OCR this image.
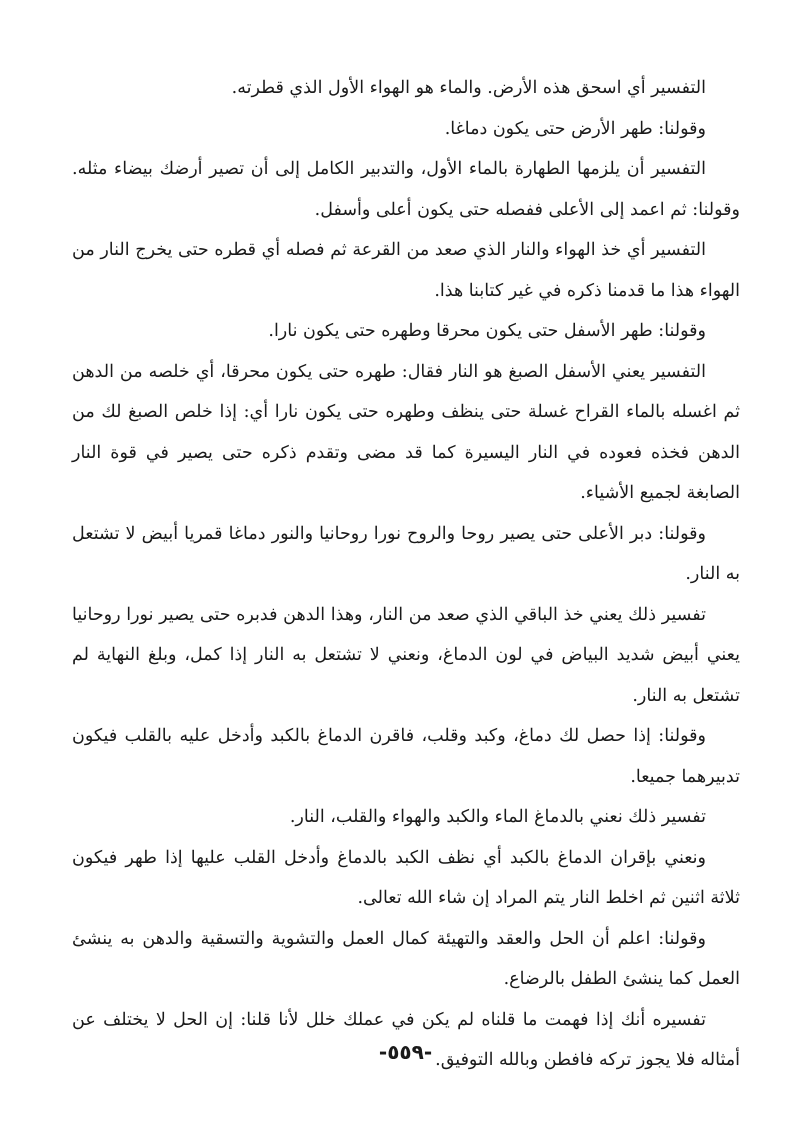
التفسير أي اسحق هذه الأرض. والماء هو الهواء الأول الذي قطرته.

وقولنا: طهر الأرض حتى يكون دماغا.

التفسير أن يلزمها الطهارة بالماء الأول، والتدبير الكامل إلى أن تصير أرضك بيضاء مثله. وقولنا: ثم اعمد إلى الأعلى ففصله حتى يكون أعلى وأسفل.

التفسير أي خذ الهواء والنار الذي صعد من القرعة ثم فصله أي قطره حتى يخرج النار من الهواء هذا ما قدمنا ذكره في غير كتابنا هذا.

وقولنا: طهر الأسفل حتى يكون محرقا وطهره حتى يكون نارا.

التفسير يعني الأسفل الصبغ هو النار فقال: طهره حتى يكون محرقا، أي خلصه من الدهن ثم اغسله بالماء القراح غسلة حتى ينظف وطهره حتى يكون نارا أي: إذا خلص الصبغ لك من الدهن فخذه فعوده في النار اليسيرة كما قد مضى وتقدم ذكره حتى يصير في قوة النار الصابغة لجميع الأشياء.

وقولنا: دبر الأعلى حتى يصير روحا والروح نورا روحانيا والنور دماغا قمريا أبيض لا تشتعل به النار.

تفسير ذلك يعني خذ الباقي الذي صعد من النار، وهذا الدهن فدبره حتى يصير نورا روحانيا يعني أبيض شديد البياض في لون الدماغ، ونعني لا تشتعل به النار إذا كمل، وبلغ النهاية لم تشتعل به النار.

وقولنا: إذا حصل لك دماغ، وكبد وقلب، فاقرن الدماغ بالكبد وأدخل عليه بالقلب فيكون تدبيرهما جميعا.

تفسير ذلك نعني بالدماغ الماء والكبد والهواء والقلب، النار.

ونعني بإقران الدماغ بالكبد أي نظف الكبد بالدماغ وأدخل القلب عليها إذا طهر فيكون ثلاثة اثنين ثم اخلط النار يتم المراد إن شاء الله تعالى.

وقولنا: اعلم أن الحل والعقد والتهيئة كمال العمل والتشوية والتسقية والدهن به ينشئ العمل كما ينشئ الطفل بالرضاع.

تفسيره أنك إذا فهمت ما قلناه لم يكن في عملك خلل لأنا قلنا: إن الحل لا يختلف عن أمثاله فلا يجوز تركه فافطن وبالله التوفيق.

-٥٥٩-
